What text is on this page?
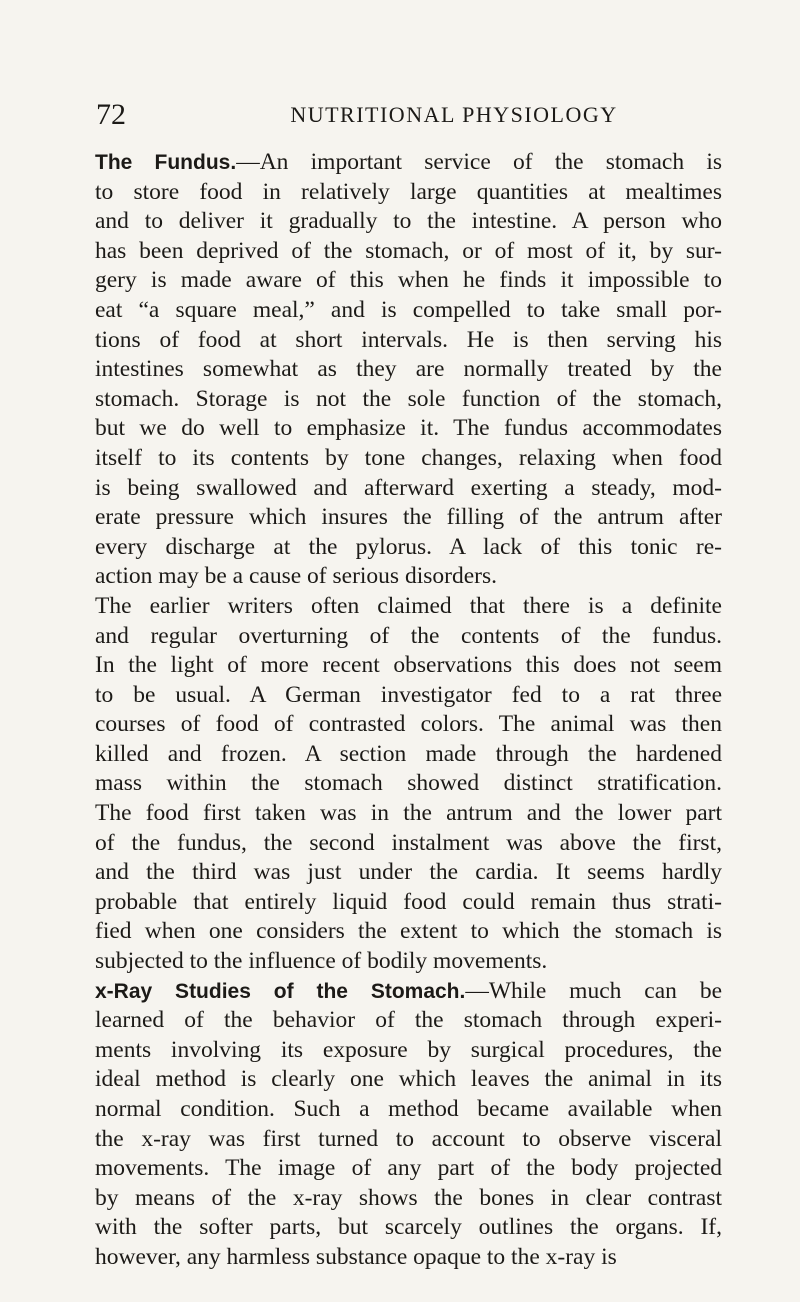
72	NUTRITIONAL PHYSIOLOGY

The Fundus.—An important service of the stomach is
to store food in relatively large quantities at mealtimes
and to deliver it gradually to the intestine. A person who
has been deprived of the stomach, or of most of it, by sur-
gery is made aware of this when he finds it impossible to
eat “a square meal,” and is compelled to take small por-
tions of food at short intervals. He is then serving his
intestines somewhat as they are normally treated by the
stomach. Storage is not the sole function of the stomach,
but we do well to emphasize it. The fundus accommodates
itself to its contents by tone changes, relaxing when food
is being swallowed and afterward exerting a steady, mod-
erate pressure which insures the filling of the antrum after
every discharge at the pylorus. A lack of this tonic re-
action may be a cause of serious disorders.

The earlier writers often claimed that there is a definite
and regular overturning of the contents of the fundus.
In the light of more recent observations this does not seem
to be usual. A German investigator fed to a rat three
courses of food of contrasted colors. The animal was then
killed and frozen. A section made through the hardened
mass within the stomach showed distinct stratification.
The food first taken was in the antrum and the lower part
of the fundus, the second instalment was above the first,
and the third was just under the cardia. It seems hardly
probable that entirely liquid food could remain thus strati-
fied when one considers the extent to which the stomach is
subjected to the influence of bodily movements.

x-Ray Studies of the Stomach.—While much can be
learned of the behavior of the stomach through experi-
ments involving its exposure by surgical procedures, the
ideal method is clearly one which leaves the animal in its
normal condition. Such a method became available when
the x-ray was first turned to account to observe visceral
movements. The image of any part of the body projected
by means of the x-ray shows the bones in clear contrast
with the softer parts, but scarcely outlines the organs. If,
however, any harmless substance opaque to the x-ray is
